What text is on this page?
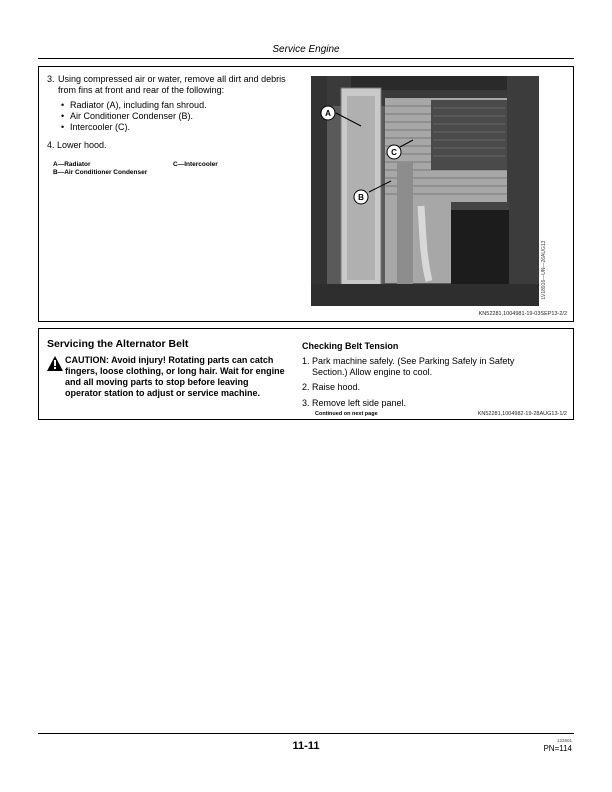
Service Engine
3. Using compressed air or water, remove all dirt and debris
from fins at front and rear of the following:
• Radiator (A), including fan shroud.
• Air Conditioner Condenser (B).
• Intercooler (C).
4. Lower hood.
A—Radiator
B—Air Conditioner Condenser
C—Intercooler
A
C
B
LV18916—UN—26AUG13
KN52281,1004981-19-03SEP13-2/2
Servicing the Alternator Belt
CAUTION: Avoid injury! Rotating parts can catch
fingers, loose clothing, or long hair. Wait for engine
and all moving parts to stop before leaving
operator station to adjust or service machine.
Checking Belt Tension
1. Park machine safely. (See Parking Safely in Safety
Section.) Allow engine to cool.
2. Raise hood.
3. Remove left side panel.
Continued on next page	KN52281,1004982-19-28AUG13-1/2
11-11	122601
PN=114
